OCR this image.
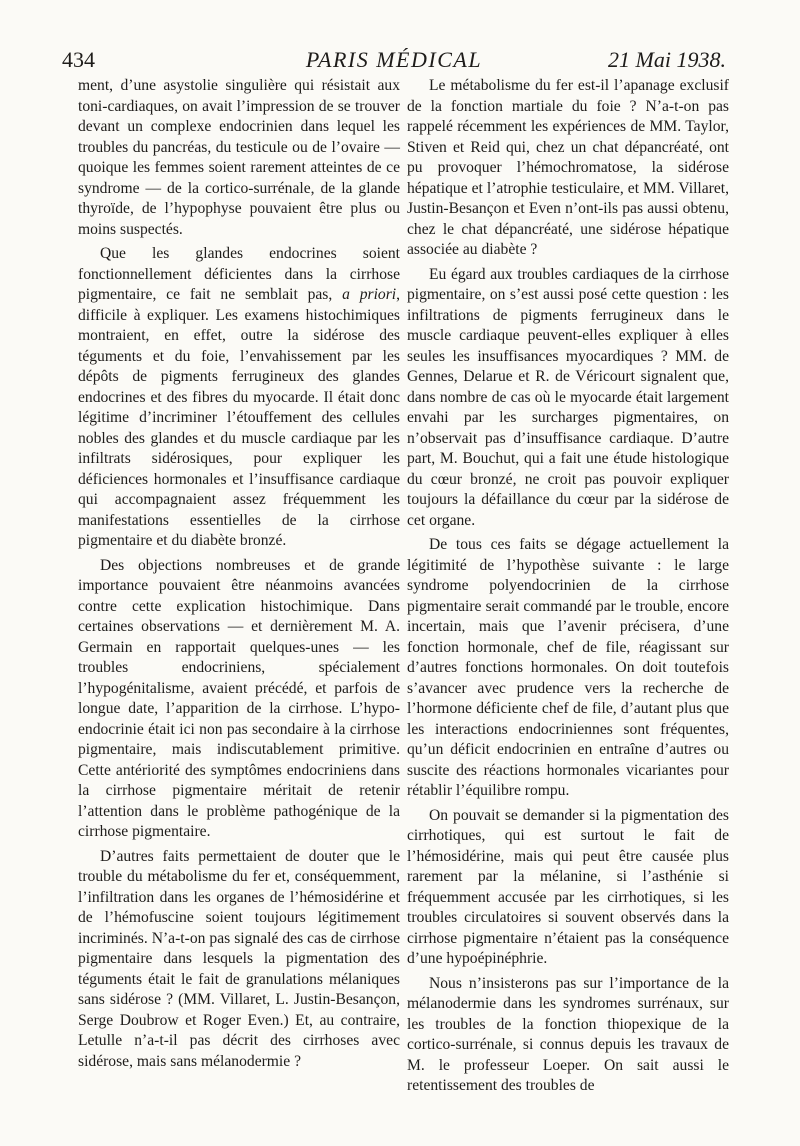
434	PARIS MÉDICAL	21 Mai 1938.

ment, d’une asystolie singulière qui résistait aux toni-cardiaques, on avait l’impression de se trouver devant un complexe endocrinien dans lequel les troubles du pancréas, du testicule ou de l’ovaire — quoique les femmes soient rarement atteintes de ce syndrome — de la cortico-surrénale, de la glande thyroïde, de l’hypophyse pouvaient être plus ou moins suspectés.

Que les glandes endocrines soient fonctionnellement déficientes dans la cirrhose pigmentaire, ce fait ne semblait pas, a priori, difficile à expliquer. Les examens histochimiques montraient, en effet, outre la sidérose des téguments et du foie, l’envahissement par les dépôts de pigments ferrugineux des glandes endocrines et des fibres du myocarde. Il était donc légitime d’incriminer l’étouffement des cellules nobles des glandes et du muscle cardiaque par les infiltrats sidérosiques, pour expliquer les déficiences hormonales et l’insuffisance cardiaque qui accompagnaient assez fréquemment les manifestations essentielles de la cirrhose pigmentaire et du diabète bronzé.

Des objections nombreuses et de grande importance pouvaient être néanmoins avancées contre cette explication histochimique. Dans certaines observations — et dernièrement M. A. Germain en rapportait quelques-unes — les troubles endocriniens, spécialement l’hypogénitalisme, avaient précédé, et parfois de longue date, l’apparition de la cirrhose. L’hypo-endocrinie était ici non pas secondaire à la cirrhose pigmentaire, mais indiscutablement primitive. Cette antériorité des symptômes endocriniens dans la cirrhose pigmentaire méritait de retenir l’attention dans le problème pathogénique de la cirrhose pigmentaire.

D’autres faits permettaient de douter que le trouble du métabolisme du fer et, conséquemment, l’infiltration dans les organes de l’hémosidérine et de l’hémofuscine soient toujours légitimement incriminés. N’a-t-on pas signalé des cas de cirrhose pigmentaire dans lesquels la pigmentation des téguments était le fait de granulations mélaniques sans sidérose ? (MM. Villaret, L. Justin-Besançon, Serge Doubrow et Roger Even.) Et, au contraire, Letulle n’a-t-il pas décrit des cirrhoses avec sidérose, mais sans mélanodermie ?

Le métabolisme du fer est-il l’apanage exclusif de la fonction martiale du foie ? N’a-t-on pas rappelé récemment les expériences de MM. Taylor, Stiven et Reid qui, chez un chat dépancréaté, ont pu provoquer l’hémochromatose, la sidérose hépatique et l’atrophie testiculaire, et MM. Villaret, Justin-Besançon et Even n’ont-ils pas aussi obtenu, chez le chat dépancréaté, une sidérose hépatique associée au diabète ?

Eu égard aux troubles cardiaques de la cirrhose pigmentaire, on s’est aussi posé cette question : les infiltrations de pigments ferrugineux dans le muscle cardiaque peuvent-elles expliquer à elles seules les insuffisances myocardiques ? MM. de Gennes, Delarue et R. de Véricourt signalent que, dans nombre de cas où le myocarde était largement envahi par les surcharges pigmentaires, on n’observait pas d’insuffisance cardiaque. D’autre part, M. Bouchut, qui a fait une étude histologique du cœur bronzé, ne croit pas pouvoir expliquer toujours la défaillance du cœur par la sidérose de cet organe.

De tous ces faits se dégage actuellement la légitimité de l’hypothèse suivante : le large syndrome polyendocrinien de la cirrhose pigmentaire serait commandé par le trouble, encore incertain, mais que l’avenir précisera, d’une fonction hormonale, chef de file, réagissant sur d’autres fonctions hormonales. On doit toutefois s’avancer avec prudence vers la recherche de l’hormone déficiente chef de file, d’autant plus que les interactions endocriniennes sont fréquentes, qu’un déficit endocrinien en entraîne d’autres ou suscite des réactions hormonales vicariantes pour rétablir l’équilibre rompu.

On pouvait se demander si la pigmentation des cirrhotiques, qui est surtout le fait de l’hémosidérine, mais qui peut être causée plus rarement par la mélanine, si l’asthénie si fréquemment accusée par les cirrhotiques, si les troubles circulatoires si souvent observés dans la cirrhose pigmentaire n’étaient pas la conséquence d’une hypoépinéphrie.

Nous n’insisterons pas sur l’importance de la mélanodermie dans les syndromes surrénaux, sur les troubles de la fonction thiopexique de la cortico-surrénale, si connus depuis les travaux de M. le professeur Loeper. On sait aussi le retentissement des troubles de
